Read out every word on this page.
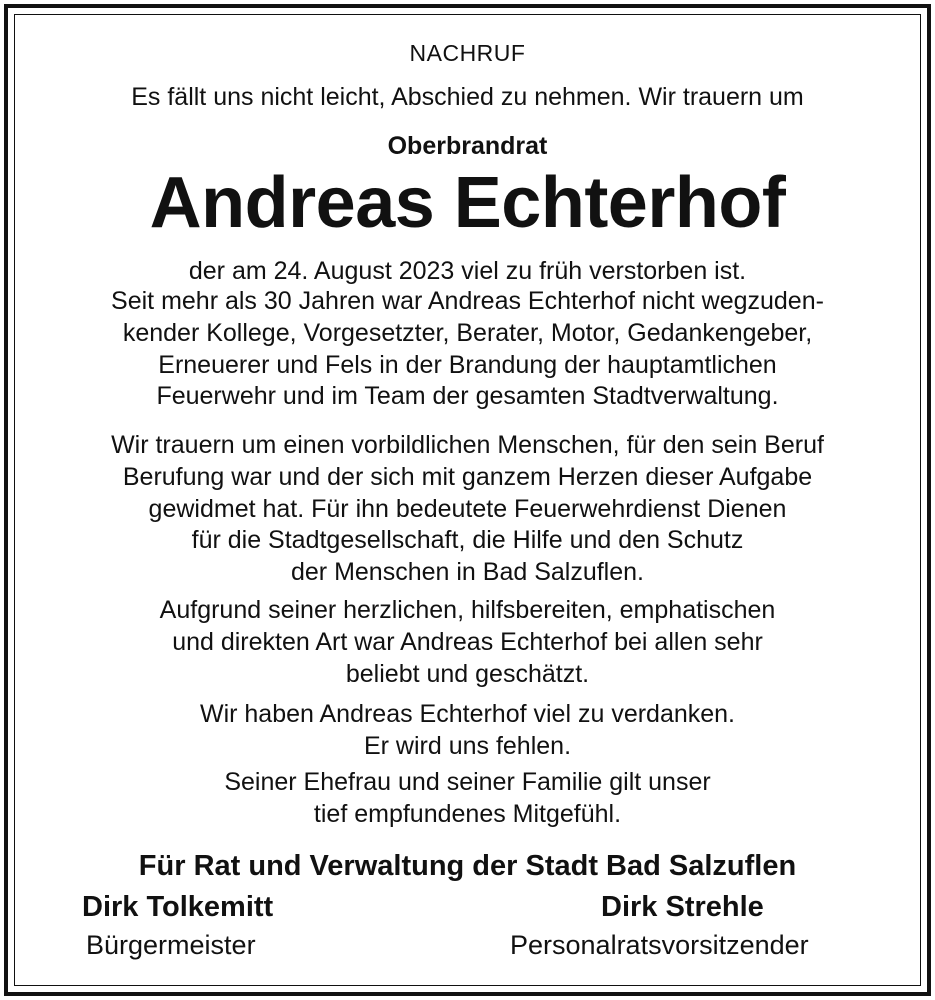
NACHRUF
Es fällt uns nicht leicht, Abschied zu nehmen. Wir trauern um
Oberbrandrat
Andreas Echterhof
der am 24. August 2023 viel zu früh verstorben ist.
Seit mehr als 30 Jahren war Andreas Echterhof nicht wegzuden-
kender Kollege, Vorgesetzter, Berater, Motor, Gedankengeber,
Erneuerer und Fels in der Brandung der hauptamtlichen
Feuerwehr und im Team der gesamten Stadtverwaltung.
Wir trauern um einen vorbildlichen Menschen, für den sein Beruf
Berufung war und der sich mit ganzem Herzen dieser Aufgabe
gewidmet hat. Für ihn bedeutete Feuerwehrdienst Dienen
für die Stadtgesellschaft, die Hilfe und den Schutz
der Menschen in Bad Salzuflen.
Aufgrund seiner herzlichen, hilfsbereiten, emphatischen
und direkten Art war Andreas Echterhof bei allen sehr
beliebt und geschätzt.
Wir haben Andreas Echterhof viel zu verdanken.
Er wird uns fehlen.
Seiner Ehefrau und seiner Familie gilt unser
tief empfundenes Mitgefühl.
Für Rat und Verwaltung der Stadt Bad Salzuflen
Dirk Tolkemitt
Bürgermeister
Dirk Strehle
Personalratsvorsitzender
